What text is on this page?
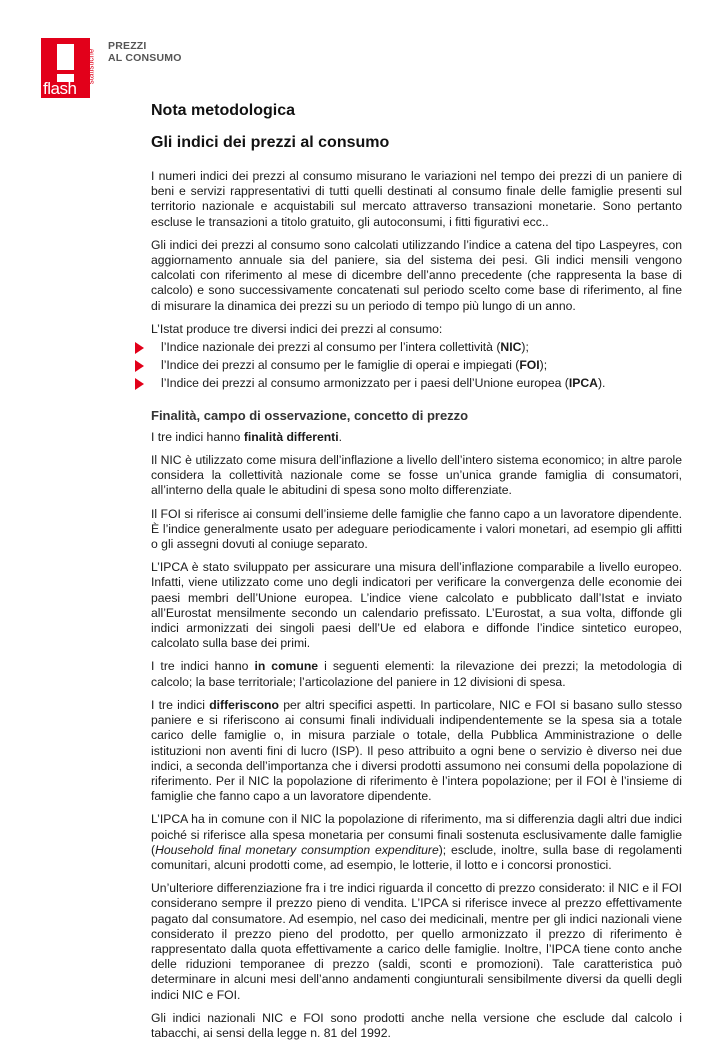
flash
statistiche
PREZZI
AL CONSUMO
Nota metodologica
Gli indici dei prezzi al consumo

I numeri indici dei prezzi al consumo misurano le variazioni nel tempo dei prezzi di un paniere di beni e servizi rappresentativi di tutti quelli destinati al consumo finale delle famiglie presenti sul territorio nazionale e acquistabili sul mercato attraverso transazioni monetarie. Sono pertanto escluse le transazioni a titolo gratuito, gli autoconsumi, i fitti figurativi ecc..

Gli indici dei prezzi al consumo sono calcolati utilizzando l’indice a catena del tipo Laspeyres, con aggiornamento annuale sia del paniere, sia del sistema dei pesi. Gli indici mensili vengono calcolati con riferimento al mese di dicembre dell’anno precedente (che rappresenta la base di calcolo) e sono successivamente concatenati sul periodo scelto come base di riferimento, al fine di misurare la dinamica dei prezzi su un periodo di tempo più lungo di un anno.

L’Istat produce tre diversi indici dei prezzi al consumo:

l’Indice nazionale dei prezzi al consumo per l’intera collettività (NIC);
l’Indice dei prezzi al consumo per le famiglie di operai e impiegati (FOI);
l’Indice dei prezzi al consumo armonizzato per i paesi dell’Unione europea (IPCA).
Finalità, campo di osservazione, concetto di prezzo

I tre indici hanno finalità differenti.

Il NIC è utilizzato come misura dell’inflazione a livello dell’intero sistema economico; in altre parole considera la collettività nazionale come se fosse un’unica grande famiglia di consumatori, all’interno della quale le abitudini di spesa sono molto differenziate.

Il FOI si riferisce ai consumi dell’insieme delle famiglie che fanno capo a un lavoratore dipendente. È l’indice generalmente usato per adeguare periodicamente i valori monetari, ad esempio gli affitti o gli assegni dovuti al coniuge separato.

L’IPCA è stato sviluppato per assicurare una misura dell’inflazione comparabile a livello europeo. Infatti, viene utilizzato come uno degli indicatori per verificare la convergenza delle economie dei paesi membri dell’Unione europea. L’indice viene calcolato e pubblicato dall’Istat e inviato all’Eurostat mensilmente secondo un calendario prefissato. L’Eurostat, a sua volta, diffonde gli indici armonizzati dei singoli paesi dell’Ue ed elabora e diffonde l’indice sintetico europeo, calcolato sulla base dei primi.

I tre indici hanno in comune i seguenti elementi: la rilevazione dei prezzi; la metodologia di calcolo; la base territoriale; l’articolazione del paniere in 12 divisioni di spesa.

I tre indici differiscono per altri specifici aspetti. In particolare, NIC e FOI si basano sullo stesso paniere e si riferiscono ai consumi finali individuali indipendentemente se la spesa sia a totale carico delle famiglie o, in misura parziale o totale, della Pubblica Amministrazione o delle istituzioni non aventi fini di lucro (ISP). Il peso attribuito a ogni bene o servizio è diverso nei due indici, a seconda dell’importanza che i diversi prodotti assumono nei consumi della popolazione di riferimento. Per il NIC la popolazione di riferimento è l’intera popolazione; per il FOI è l’insieme di famiglie che fanno capo a un lavoratore dipendente.

L’IPCA ha in comune con il NIC la popolazione di riferimento, ma si differenzia dagli altri due indici poiché si riferisce alla spesa monetaria per consumi finali sostenuta esclusivamente dalle famiglie (Household final monetary consumption expenditure); esclude, inoltre, sulla base di regolamenti comunitari, alcuni prodotti come, ad esempio, le lotterie, il lotto e i concorsi pronostici.

Un’ulteriore differenziazione fra i tre indici riguarda il concetto di prezzo considerato: il NIC e il FOI considerano sempre il prezzo pieno di vendita. L’IPCA si riferisce invece al prezzo effettivamente pagato dal consumatore. Ad esempio, nel caso dei medicinali, mentre per gli indici nazionali viene considerato il prezzo pieno del prodotto, per quello armonizzato il prezzo di riferimento è rappresentato dalla quota effettivamente a carico delle famiglie. Inoltre, l’IPCA tiene conto anche delle riduzioni temporanee di prezzo (saldi, sconti e promozioni). Tale caratteristica può determinare in alcuni mesi dell’anno andamenti congiunturali sensibilmente diversi da quelli degli indici NIC e FOI.

Gli indici nazionali NIC e FOI sono prodotti anche nella versione che esclude dal calcolo i tabacchi, ai sensi della legge n. 81 del 1992.
